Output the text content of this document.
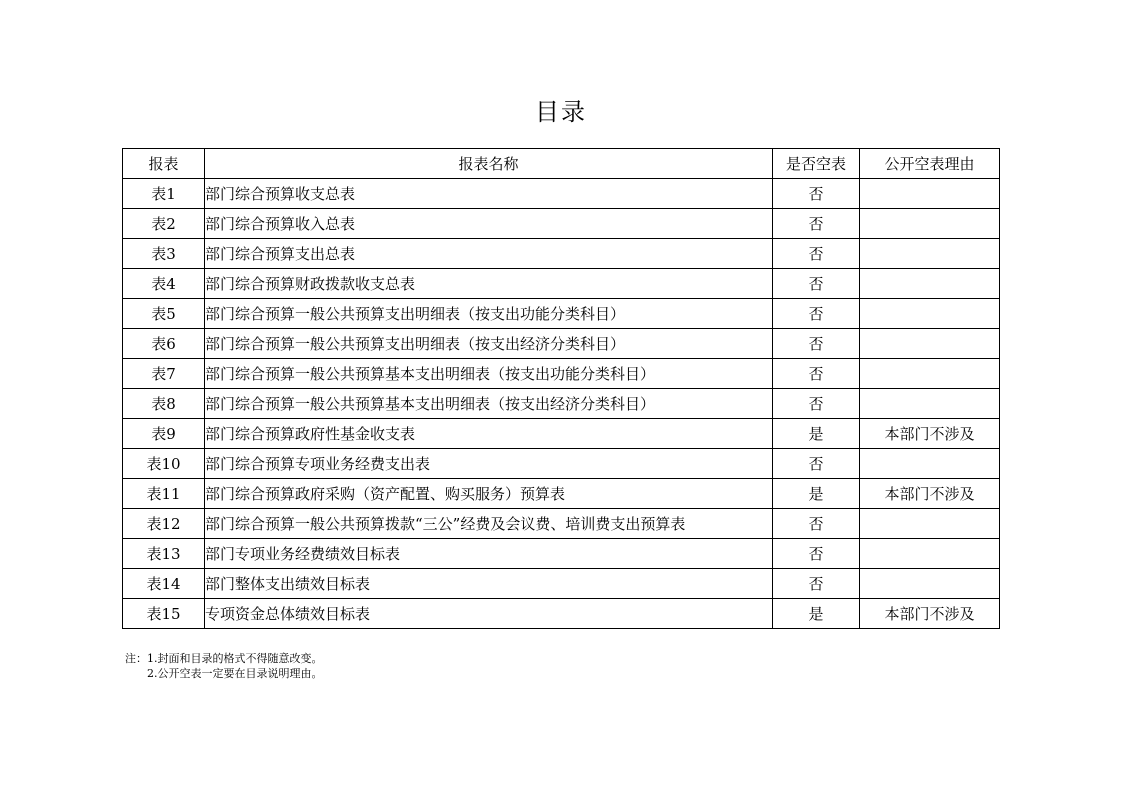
目录
报表	报表名称	是否空表	公开空表理由
表1	部门综合预算收支总表	否	
表2	部门综合预算收入总表	否	
表3	部门综合预算支出总表	否	
表4	部门综合预算财政拨款收支总表	否	
表5	部门综合预算一般公共预算支出明细表（按支出功能分类科目）	否	
表6	部门综合预算一般公共预算支出明细表（按支出经济分类科目）	否	
表7	部门综合预算一般公共预算基本支出明细表（按支出功能分类科目）	否	
表8	部门综合预算一般公共预算基本支出明细表（按支出经济分类科目）	否	
表9	部门综合预算政府性基金收支表	是	本部门不涉及
表10	部门综合预算专项业务经费支出表	否	
表11	部门综合预算政府采购（资产配置、购买服务）预算表	是	本部门不涉及
表12	部门综合预算一般公共预算拨款“三公”经费及会议费、培训费支出预算表	否	
表13	部门专项业务经费绩效目标表	否	
表14	部门整体支出绩效目标表	否	
表15	专项资金总体绩效目标表	是	本部门不涉及
注：1.封面和目录的格式不得随意改变。
2.公开空表一定要在目录说明理由。
